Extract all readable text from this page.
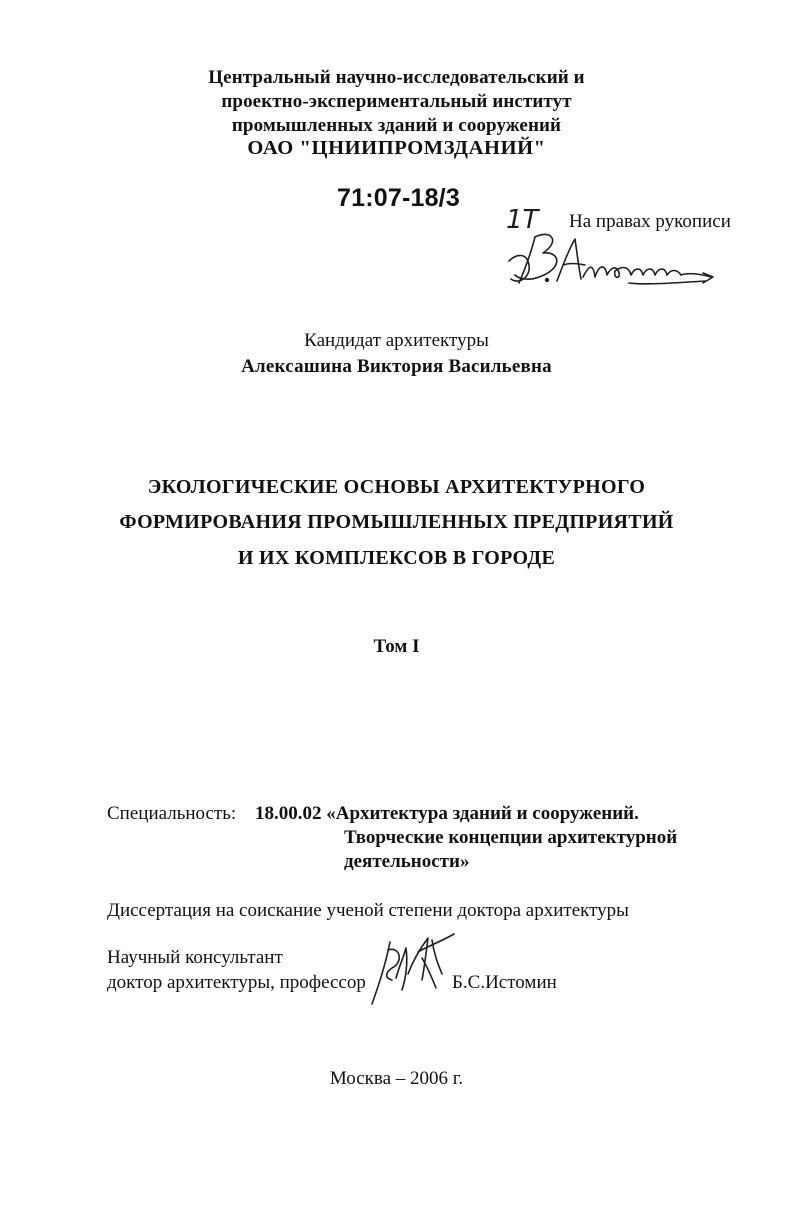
Центральный научно-исследовательский и
проектно-экспериментальный институт
промышленных зданий и сооружений
ОАО "ЦНИИПРОМЗДАНИЙ"
71:07-18/3
1Т На правах рукописи
Кандидат архитектуры
Алексашина Виктория Васильевна
ЭКОЛОГИЧЕСКИЕ ОСНОВЫ АРХИТЕКТУРНОГО
ФОРМИРОВАНИЯ ПРОМЫШЛЕННЫХ ПРЕДПРИЯТИЙ
И ИХ КОМПЛЕКСОВ В ГОРОДЕ
Том I
Специальность: 18.00.02 «Архитектура зданий и сооружений.
Творческие концепции архитектурной
деятельности»
Диссертация на соискание ученой степени доктора архитектуры
Научный консультант
доктор архитектуры, профессор	Б.С.Истомин
Москва – 2006 г.
